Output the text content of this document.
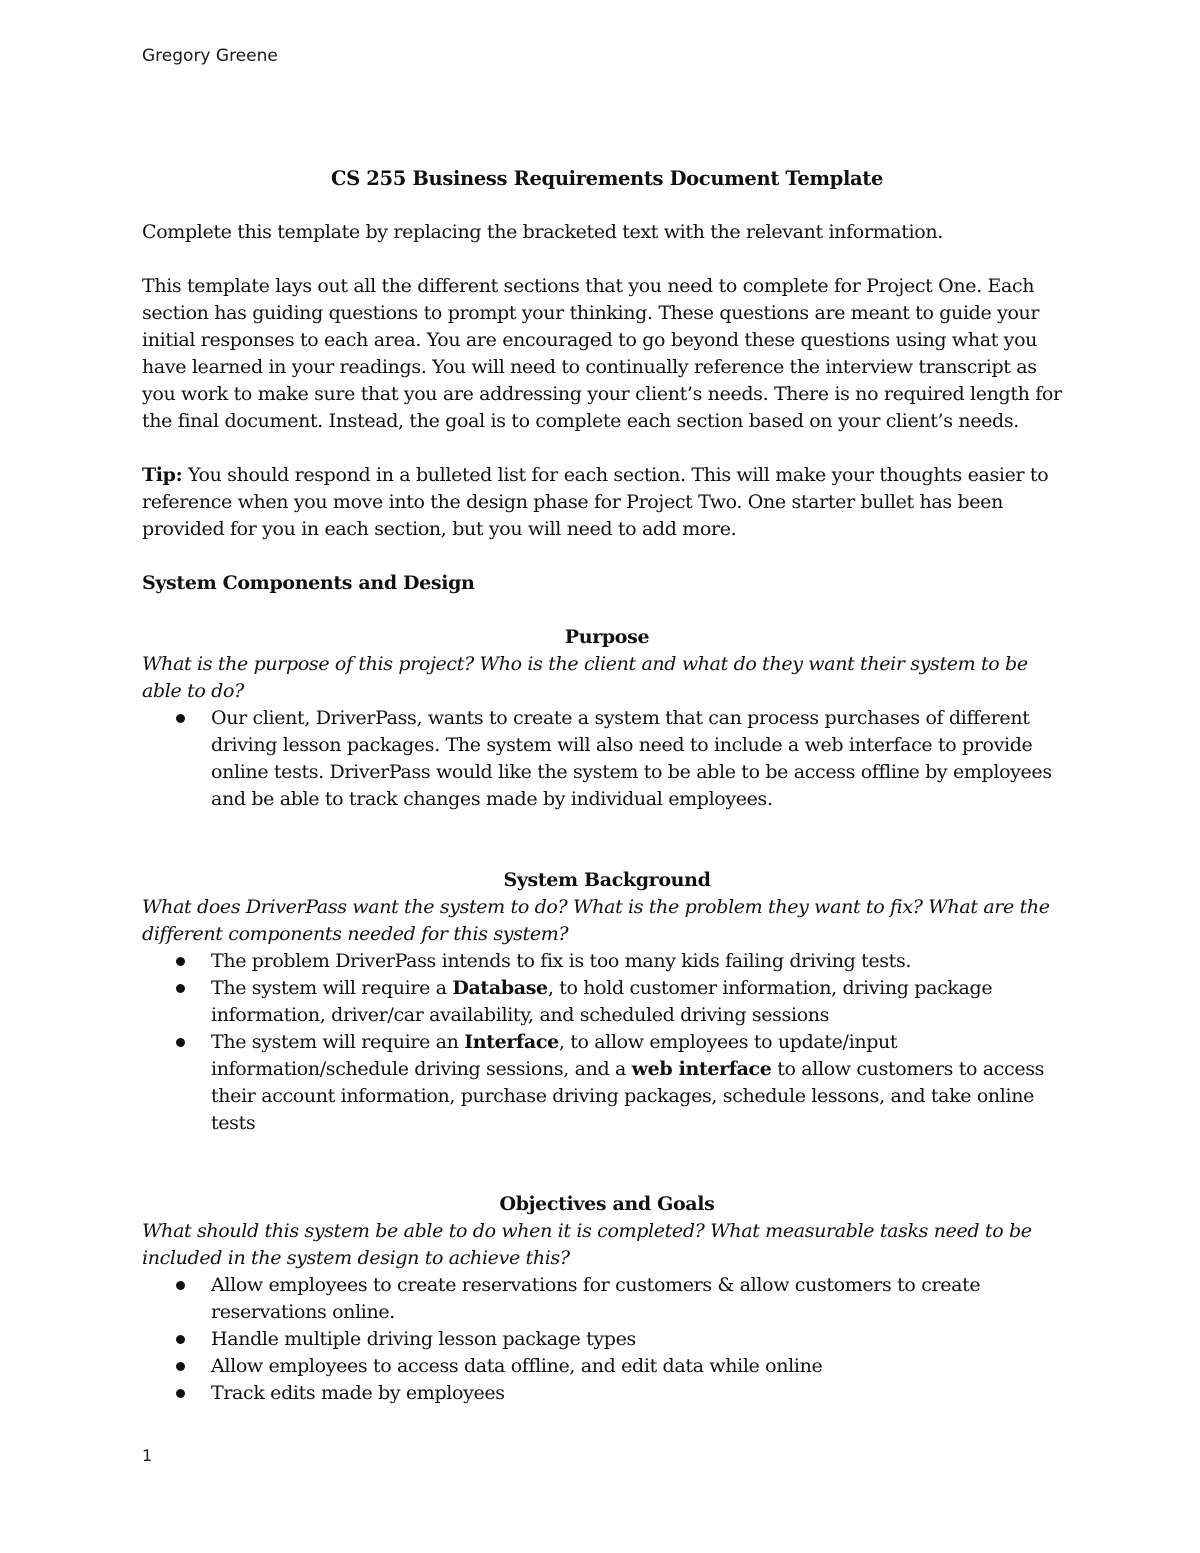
Gregory Greene
CS 255 Business Requirements Document Template

Complete this template by replacing the bracketed text with the relevant information.

This template lays out all the different sections that you need to complete for Project One. Each section has guiding questions to prompt your thinking. These questions are meant to guide your initial responses to each area. You are encouraged to go beyond these questions using what you have learned in your readings. You will need to continually reference the interview transcript as you work to make sure that you are addressing your client’s needs. There is no required length for the final document. Instead, the goal is to complete each section based on your client’s needs.

Tip: You should respond in a bulleted list for each section. This will make your thoughts easier to reference when you move into the design phase for Project Two. One starter bullet has been provided for you in each section, but you will need to add more.

System Components and Design
Purpose

What is the purpose of this project? Who is the client and what do they want their system to be able to do?

Our client, DriverPass, wants to create a system that can process purchases of different driving lesson packages. The system will also need to include a web interface to provide online tests. DriverPass would like the system to be able to be access offline by employees and be able to track changes made by individual employees.
System Background

What does DriverPass want the system to do? What is the problem they want to fix? What are the different components needed for this system?

The problem DriverPass intends to fix is too many kids failing driving tests.
The system will require a Database, to hold customer information, driving package information, driver/car availability, and scheduled driving sessions
The system will require an Interface, to allow employees to update/input information/schedule driving sessions, and a web interface to allow customers to access their account information, purchase driving packages, schedule lessons, and take online tests
Objectives and Goals

What should this system be able to do when it is completed? What measurable tasks need to be included in the system design to achieve this?

Allow employees to create reservations for customers & allow customers to create reservations online.
Handle multiple driving lesson package types
Allow employees to access data offline, and edit data while online
Track edits made by employees
1
